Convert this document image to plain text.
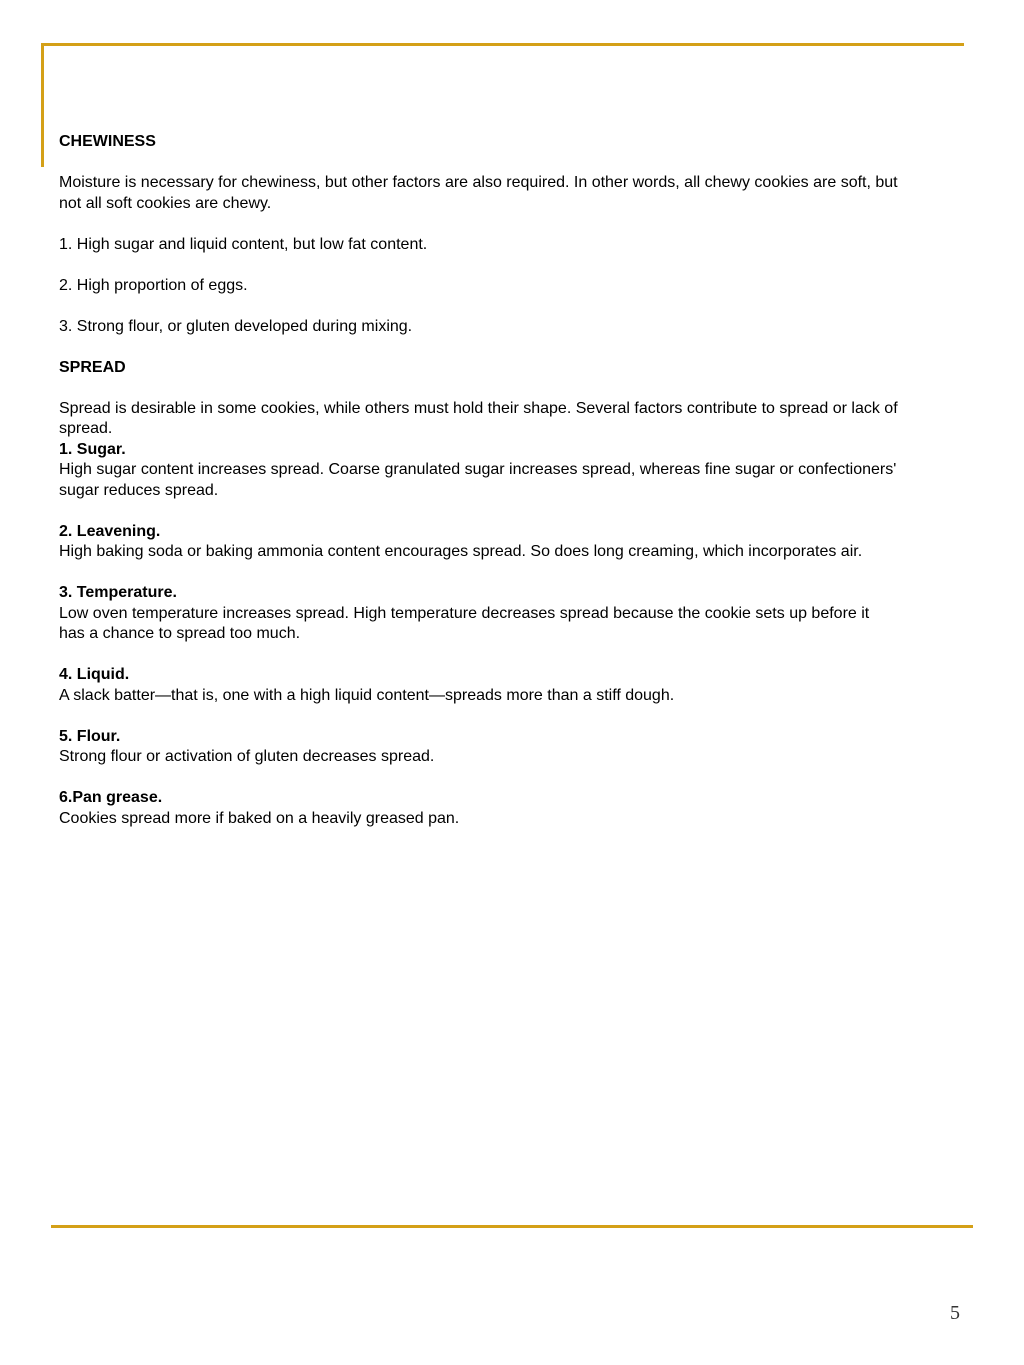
CHEWINESS

Moisture is necessary for chewiness, but other factors are also required. In other words, all chewy cookies are soft, but

not all soft cookies are chewy.

1. High sugar and liquid content, but low fat content.

2. High proportion of eggs.

3. Strong flour, or gluten developed during mixing.

SPREAD

Spread is desirable in some cookies, while others must hold their shape. Several factors contribute to spread or lack of

spread.

1. Sugar.

High sugar content increases spread. Coarse granulated sugar increases spread, whereas fine sugar or confectioners'

sugar reduces spread.

2. Leavening.

High baking soda or baking ammonia content encourages spread. So does long creaming, which incorporates air.

3. Temperature.

Low oven temperature increases spread. High temperature decreases spread because the cookie sets up before it

has a chance to spread too much.

4. Liquid.

A slack batter—that is, one with a high liquid content—spreads more than a stiff dough.

5. Flour.

Strong flour or activation of gluten decreases spread.

6.Pan grease.

Cookies spread more if baked on a heavily greased pan.

5
